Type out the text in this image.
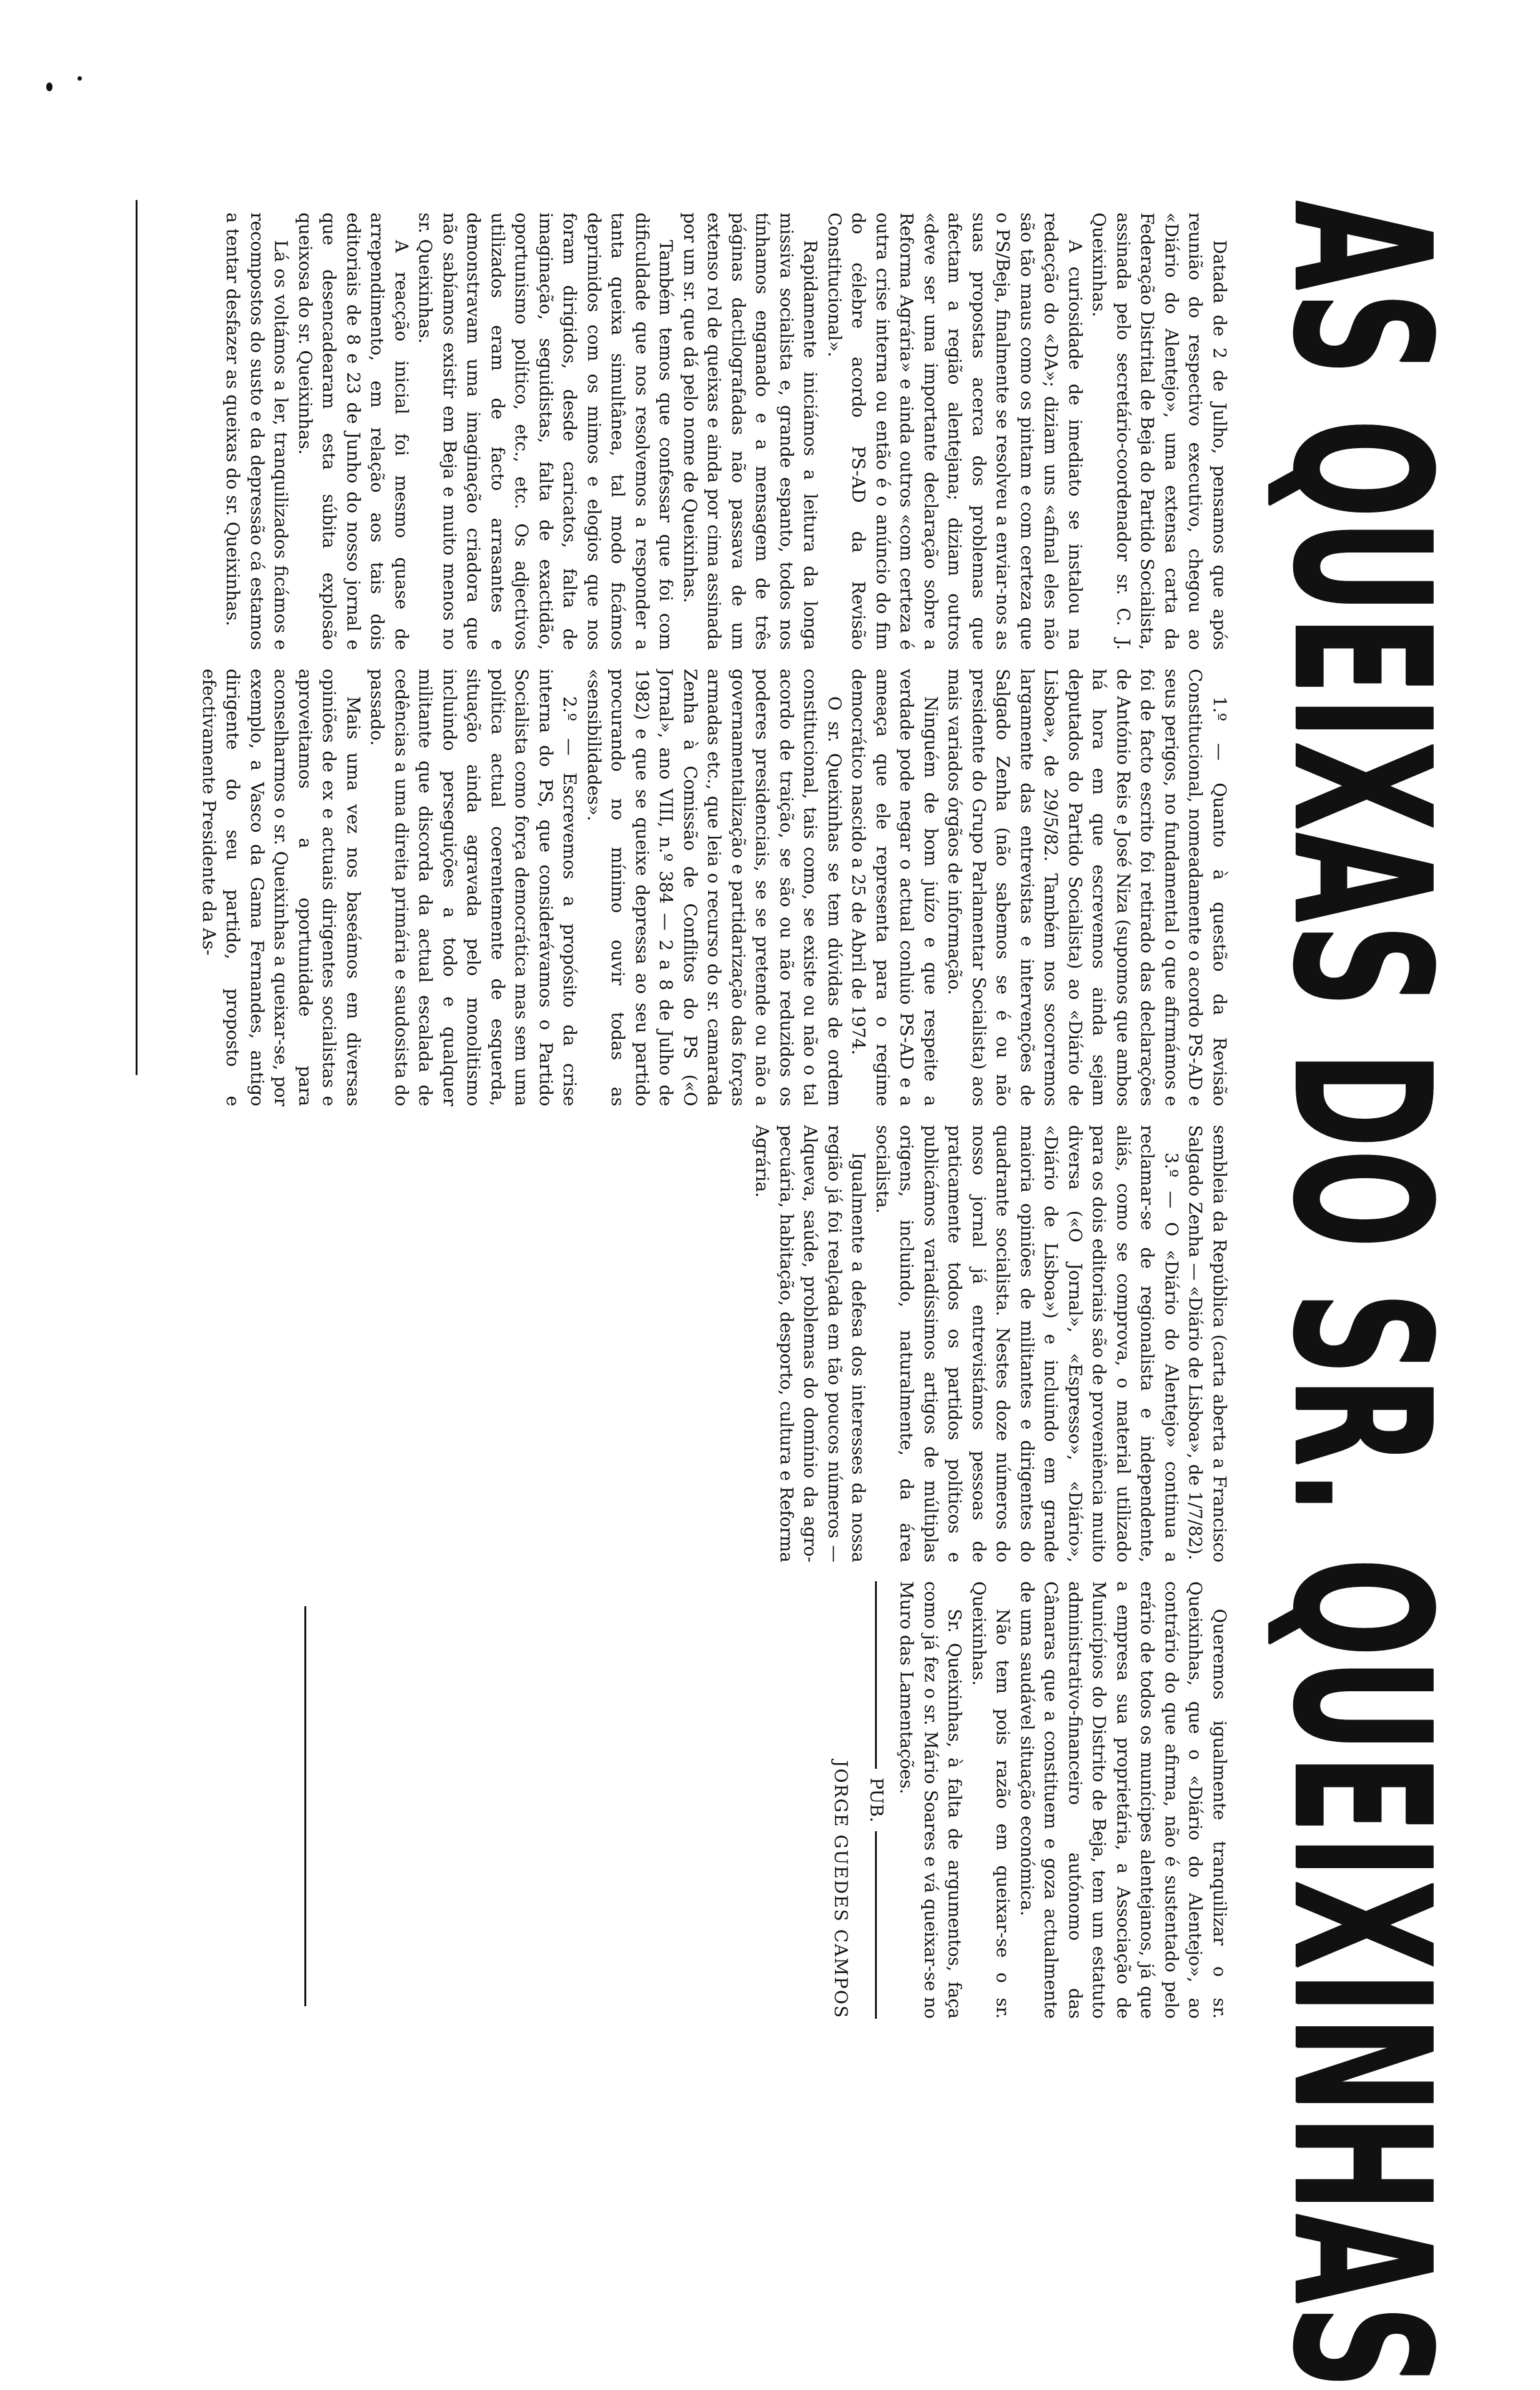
AS QUEIXAS DO SR. QUEIXINHAS

Datada de 2 de Julho, pensamos que após reunião do respectivo executivo, chegou ao «Diário do Alentejo», uma extensa carta da Federação Distrital de Beja do Partido Socialista, assinada pelo secretário-coordenador sr. C. J. Queixinhas.

A curiosidade de imediato se instalou na redacção do «DA»; diziam uns «afinal eles não são tão maus como os pintam e com certeza que o PS/Beja, finalmente se resolveu a enviar-nos as suas propostas acerca dos problemas que afectam a região alentejana; diziam outros «deve ser uma importante declaração sobre a Reforma Agrária» e ainda outros «com certeza é outra crise interna ou então é o anúncio do fim do célebre acordo PS-AD da Revisão Constitucional».

Rapidamente iniciámos a leitura da longa missiva socialista e, grande espanto, todos nos tínhamos enganado e a mensagem de três páginas dactilografadas não passava de um extenso rol de queixas e ainda por cima assinada por um sr. que dá pelo nome de Queixinhas.

Também temos que confessar que foi com dificuldade que nos resolvemos a responder a tanta queixa simultânea, tal modo ficámos deprimidos com os mimos e elogios que nos foram dirigidos, desde caricatos, falta de imaginação, seguidistas, falta de exactidão, oportunismo político, etc., etc. Os adjectivos utilizados eram de facto arrasantes e demonstravam uma imaginação criadora que não sabíamos existir em Beja e muito menos no sr. Queixinhas.

A reacção inicial foi mesmo quase de arrependimento, em relação aos tais dois editoriais de 8 e 23 de Junho do nosso jornal e que desencadearam esta súbita explosão queixosa do sr. Queixinhas.

Lá os voltámos a ler, tranquilizados ficámos e recompostos do susto e da depressão cá estamos a tentar desfazer as queixas do sr. Queixinhas.

1.º — Quanto à questão da Revisão Constitucional, nomeadamente o acordo PS-AD e seus perigos, no fundamental o que afirmámos e foi de facto escrito foi retirado das declarações de António Reis e José Niza (supomos que ambos há hora em que escrevemos ainda sejam deputados do Partido Socialista) ao «Diário de Lisboa», de 29/5/82. Também nos socorremos largamente das entrevistas e intervenções de Salgado Zenha (não sabemos se é ou não presidente do Grupo Parlamentar Socialista) aos mais variados órgãos de informação.

Ninguém de bom juízo e que respeite a verdade pode negar o actual conluio PS-AD e a ameaça que ele representa para o regime democrático nascido a 25 de Abril de 1974.

O sr. Queixinhas se tem dúvidas de ordem constitucional, tais como, se existe ou não o tal acordo de traição, se são ou não reduzidos os poderes presidenciais, se se pretende ou não a governamentalização e partidarização das forças armadas etc., que leia o recurso do sr. camarada Zenha à Comissão de Conflitos do PS («O Jornal», ano VIII, n.º 384 — 2 a 8 de Julho de 1982) e que se queixe depressa ao seu partido procurando no mínimo ouvir todas as «sensibilidades».

2.º — Escrevemos a propósito da crise interna do PS, que considerávamos o Partido Socialista como força democrática mas sem uma política actual coerentemente de esquerda, situação ainda agravada pelo monolitismo incluindo perseguições a todo e qualquer militante que discorda da actual escalada de cedências a uma direita primária e saudosista do passado.

Mais uma vez nos baseámos em diversas opiniões de ex e actuais dirigentes socialistas e aproveitamos a oportunidade para aconselharmos o sr. Queixinhas a queixar-se, por exemplo, a Vasco da Gama Fernandes, antigo dirigente do seu partido, proposto e efectivamente Presidente da As-

sembleia da República (carta aberta a Francisco Salgado Zenha — «Diário de Lisboa», de 1/7/82).

3.º — O «Diário do Alentejo» continua a reclamar-se de regionalista e independente, aliás, como se comprova, o material utilizado para os dois editoriais são de proveniência muito diversa («O Jornal», «Espresso», «Diário», «Diário de Lisboa») e incluindo em grande maioria opiniões de militantes e dirigentes do quadrante socialista. Nestes doze números do nosso jornal já entrevistámos pessoas de praticamente todos os partidos políticos e publicámos variadíssimos artigos de múltiplas origens, incluindo, naturalmente, da área socialista.

Igualmente a defesa dos interesses da nossa região já foi realçada em tão poucos números — Alqueva, saúde, problemas do domínio da agro-pecuária, habitação, desporto, cultura e Reforma Agrária.

Queremos igualmente tranquilizar o sr. Queixinhas, que o «Diário do Alentejo», ao contrário do que afirma, não é sustentado pelo erário de todos os munícipes alentejanos, já que a empresa sua proprietária, a Associação de Municípios do Distrito de Beja, tem um estatuto administrativo-financeiro autónomo das Câmaras que a constituem e goza actualmente de uma saudável situação económica.

Não tem pois razão em queixar-se o sr. Queixinhas.

Sr. Queixinhas, à falta de argumentos, faça como já fez o sr. Mário Soares e vá queixar-se no Muro das Lamentações.

PUB.

JORGE GUEDES CAMPOS
